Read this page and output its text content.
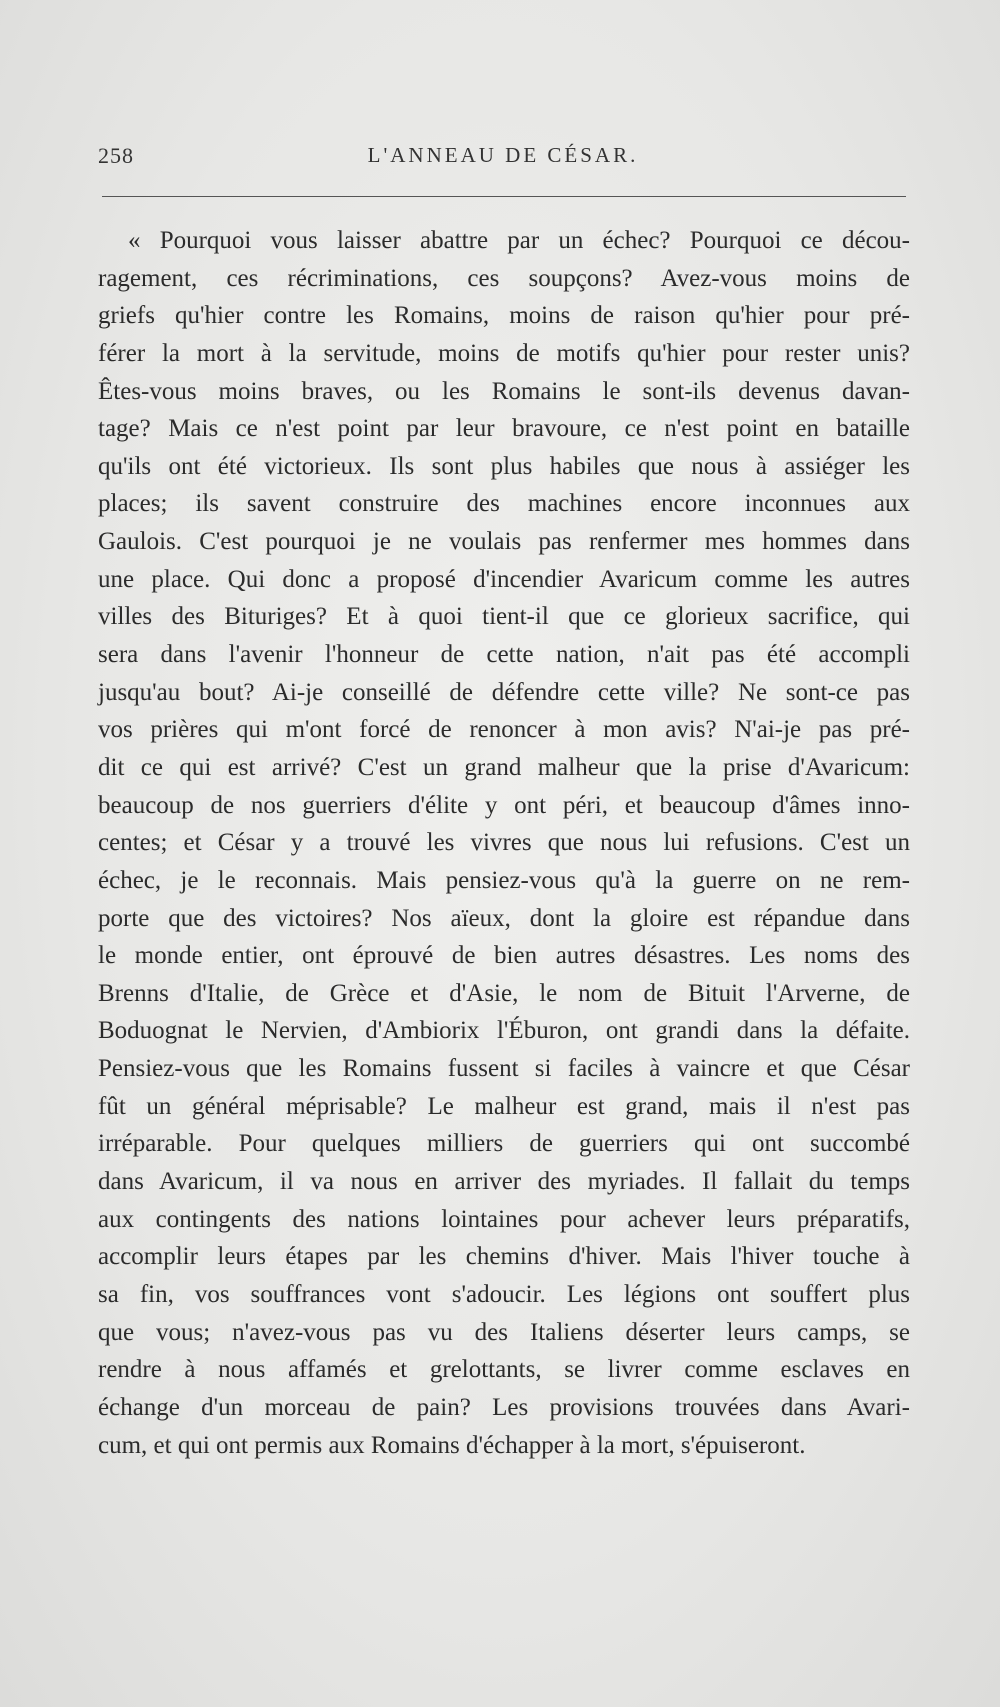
258	L'ANNEAU DE CÉSAR.
« Pourquoi vous laisser abattre par un échec? Pourquoi ce décou-
ragement, ces récriminations, ces soupçons? Avez-vous moins de
griefs qu'hier contre les Romains, moins de raison qu'hier pour pré-
férer la mort à la servitude, moins de motifs qu'hier pour rester unis?
Êtes-vous moins braves, ou les Romains le sont-ils devenus davan-
tage? Mais ce n'est point par leur bravoure, ce n'est point en bataille
qu'ils ont été victorieux. Ils sont plus habiles que nous à assiéger les
places; ils savent construire des machines encore inconnues aux
Gaulois. C'est pourquoi je ne voulais pas renfermer mes hommes dans
une place. Qui donc a proposé d'incendier Avaricum comme les autres
villes des Bituriges? Et à quoi tient-il que ce glorieux sacrifice, qui
sera dans l'avenir l'honneur de cette nation, n'ait pas été accompli
jusqu'au bout? Ai-je conseillé de défendre cette ville? Ne sont-ce pas
vos prières qui m'ont forcé de renoncer à mon avis? N'ai-je pas pré-
dit ce qui est arrivé? C'est un grand malheur que la prise d'Avaricum:
beaucoup de nos guerriers d'élite y ont péri, et beaucoup d'âmes inno-
centes; et César y a trouvé les vivres que nous lui refusions. C'est un
échec, je le reconnais. Mais pensiez-vous qu'à la guerre on ne rem-
porte que des victoires? Nos aïeux, dont la gloire est répandue dans
le monde entier, ont éprouvé de bien autres désastres. Les noms des
Brenns d'Italie, de Grèce et d'Asie, le nom de Bituit l'Arverne, de
Boduognat le Nervien, d'Ambiorix l'Éburon, ont grandi dans la défaite.
Pensiez-vous que les Romains fussent si faciles à vaincre et que César
fût un général méprisable? Le malheur est grand, mais il n'est pas
irréparable. Pour quelques milliers de guerriers qui ont succombé
dans Avaricum, il va nous en arriver des myriades. Il fallait du temps
aux contingents des nations lointaines pour achever leurs préparatifs,
accomplir leurs étapes par les chemins d'hiver. Mais l'hiver touche à
sa fin, vos souffrances vont s'adoucir. Les légions ont souffert plus
que vous; n'avez-vous pas vu des Italiens déserter leurs camps, se
rendre à nous affamés et grelottants, se livrer comme esclaves en
échange d'un morceau de pain? Les provisions trouvées dans Avari-
cum, et qui ont permis aux Romains d'échapper à la mort, s'épuiseront.
